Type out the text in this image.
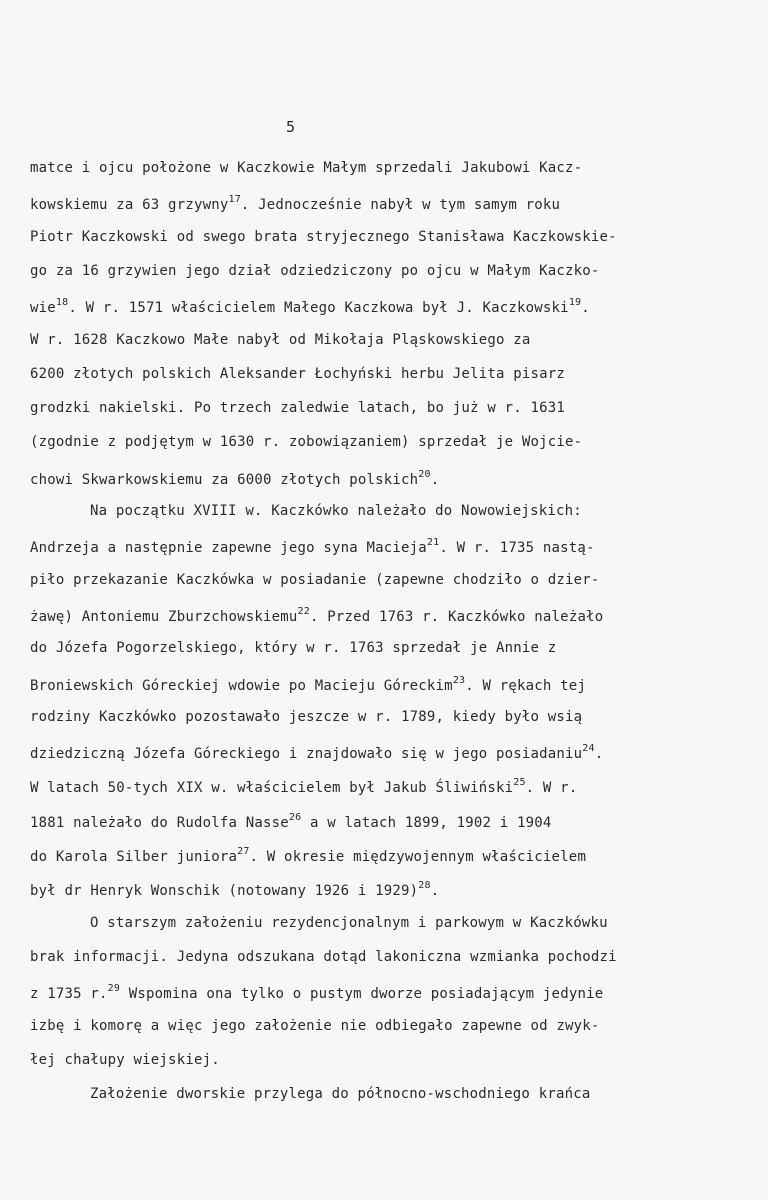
5
matce i ojcu położone w Kaczkowie Małym sprzedali Jakubowi Kacz-
kowskiemu za 63 grzywny$^{17}$. Jednocześnie nabył w tym samym roku
Piotr Kaczkowski od swego brata stryjecznego Stanisława Kaczkowskie-
go za 16 grzywien jego dział odziedziczony po ojcu w Małym Kaczko-
wie$^{18}$. W r. 1571 właścicielem Małego Kaczkowa był J. Kaczkowski$^{19}$.
W r. 1628 Kaczkowo Małe nabył od Mikołaja Pląskowskiego za
6200 złotych polskich Aleksander Łochyński herbu Jelita pisarz
grodzki nakielski. Po trzech zaledwie latach, bo już w r. 1631
(zgodnie z podjętym w 1630 r. zobowiązaniem) sprzedał je Wojcie-
chowi Skwarkowskiemu za 6000 złotych polskich$^{20}$.
Na początku XVIII w. Kaczkówko należało do Nowowiejskich:
Andrzeja a następnie zapewne jego syna Macieja$^{21}$. W r. 1735 nastą-
piło przekazanie Kaczkówka w posiadanie (zapewne chodziło o dzier-
żawę) Antoniemu Zburzchowskiemu$^{22}$. Przed 1763 r. Kaczkówko należało
do Józefa Pogorzelskiego, który w r. 1763 sprzedał je Annie z
Broniewskich Góreckiej wdowie po Macieju Góreckim$^{23}$. W rękach tej
rodziny Kaczkówko pozostawało jeszcze w r. 1789, kiedy było wsią
dziedziczną Józefa Góreckiego i znajdowało się w jego posiadaniu$^{24}$.
W latach 50-tych XIX w. właścicielem był Jakub Śliwiński$^{25}$. W r.
1881 należało do Rudolfa Nasse$^{26}$ a w latach 1899, 1902 i 1904
do Karola Silber juniora$^{27}$. W okresie międzywojennym właścicielem
był dr Henryk Wonschik (notowany 1926 i 1929)$^{28}$.
O starszym założeniu rezydencjonalnym i parkowym w Kaczkówku
brak informacji. Jedyna odszukana dotąd lakoniczna wzmianka pochodzi
z 1735 r.$^{29}$ Wspomina ona tylko o pustym dworze posiadającym jedynie
izbę i komorę a więc jego założenie nie odbiegało zapewne od zwyk-
łej chałupy wiejskiej.
Założenie dworskie przylega do północno-wschodniego krańca
